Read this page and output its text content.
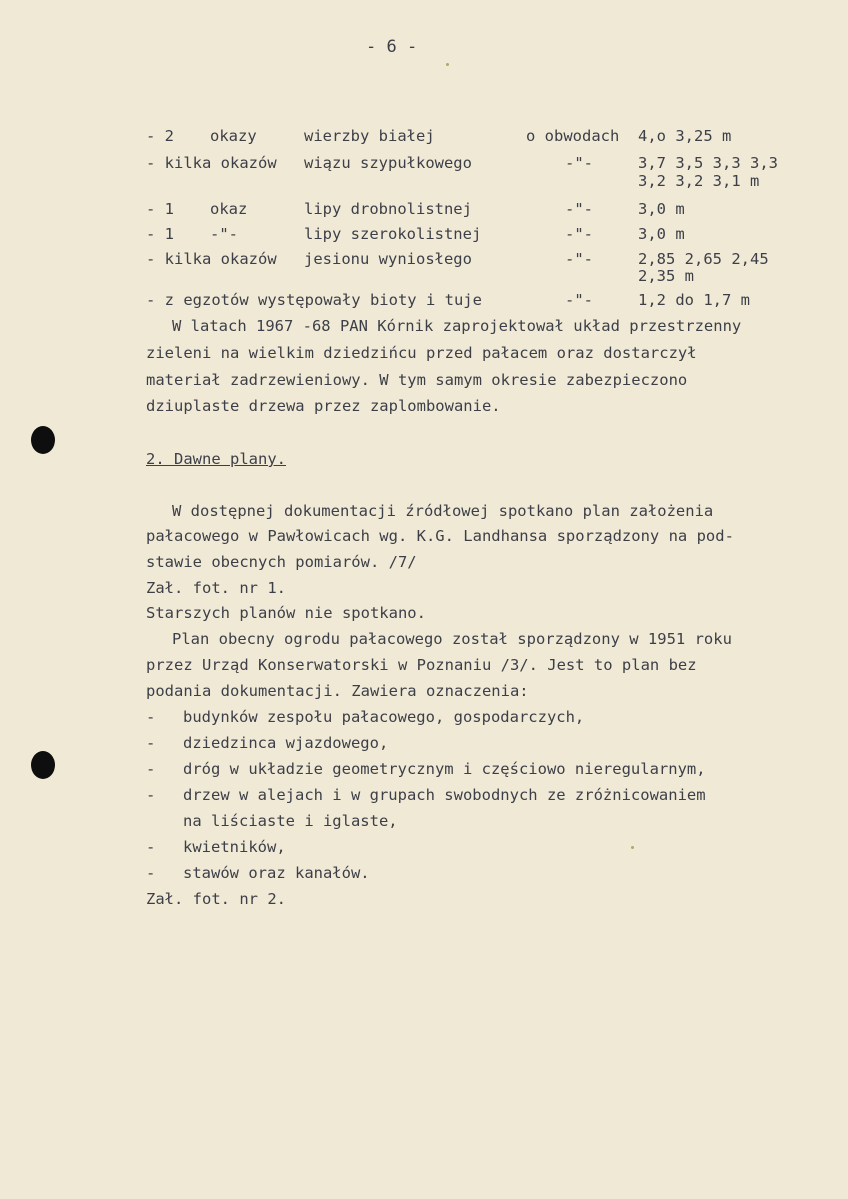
- 6 -
- 2 okazy	wierzby białej	o obwodach 4,o 3,25 m
- kilka okazów wiązu szypułkowego	-"-	3,7 3,5 3,3 3,3
3,2 3,2 3,1 m
- 1 okaz	lipy drobnolistnej	-"-	3,0 m
- 1 -"-	lipy szerokolistnej	-"-	3,0 m
- kilka okazów jesionu wyniosłego	-"-	2,85 2,65 2,45
2,35 m
- z egzotów występowały bioty i tuje	-"-	1,2 do 1,7 m
W latach 1967 -68 PAN Kórnik zaprojektował układ przestrzenny
zieleni na wielkim dziedzińcu przed pałacem oraz dostarczył
materiał zadrzewieniowy. W tym samym okresie zabezpieczono
dziuplaste drzewa przez zaplombowanie.
2. Dawne plany.
W dostępnej dokumentacji źródłowej spotkano plan założenia
pałacowego w Pawłowicach wg. K.G. Landhansa sporządzony na pod-
stawie obecnych pomiarów. /7/
Zał. fot. nr 1.
Starszych planów nie spotkano.
Plan obecny ogrodu pałacowego został sporządzony w 1951 roku
przez Urząd Konserwatorski w Poznaniu /3/. Jest to plan bez
podania dokumentacji. Zawiera oznaczenia:
- budynków zespołu pałacowego, gospodarczych,
- dziedzinca wjazdowego,
- dróg w układzie geometrycznym i częściowo nieregularnym,
- drzew w alejach i w grupach swobodnych ze zróżnicowaniem
na liściaste i iglaste,
- kwietników,
- stawów oraz kanałów.
Zał. fot. nr 2.
